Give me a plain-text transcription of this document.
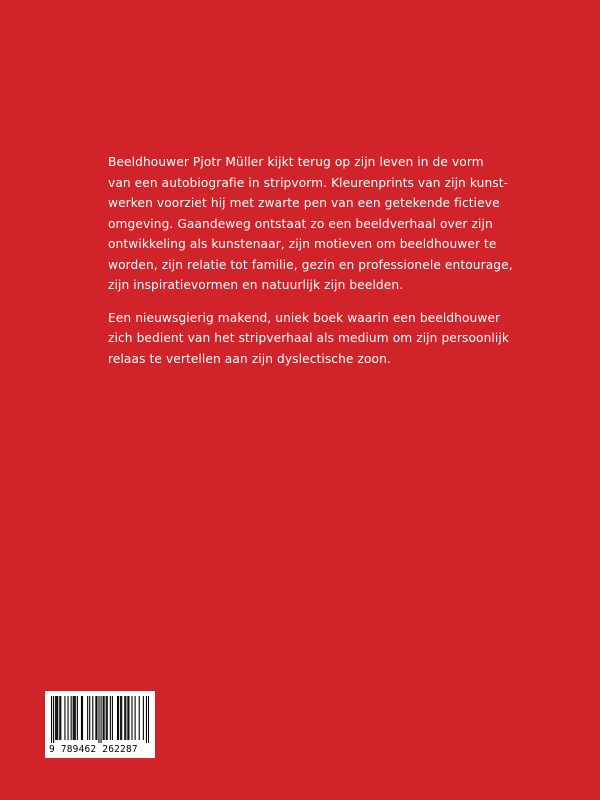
Beeldhouwer Pjotr Müller kijkt terug op zijn leven in de vorm
van een autobiografie in stripvorm. Kleurenprints van zijn kunst-
werken voorziet hij met zwarte pen van een getekende fictieve
omgeving. Gaandeweg ontstaat zo een beeldverhaal over zijn
ontwikkeling als kunstenaar, zijn motieven om beeldhouwer te
worden, zijn relatie tot familie, gezin en professionele entourage,
zijn inspiratievormen en natuurlijk zijn beelden.

Een nieuwsgierig makend, uniek boek waarin een beeldhouwer
zich bedient van het stripverhaal als medium om zijn persoonlijk
relaas te vertellen aan zijn dyslectische zoon.

9 789462 262287
